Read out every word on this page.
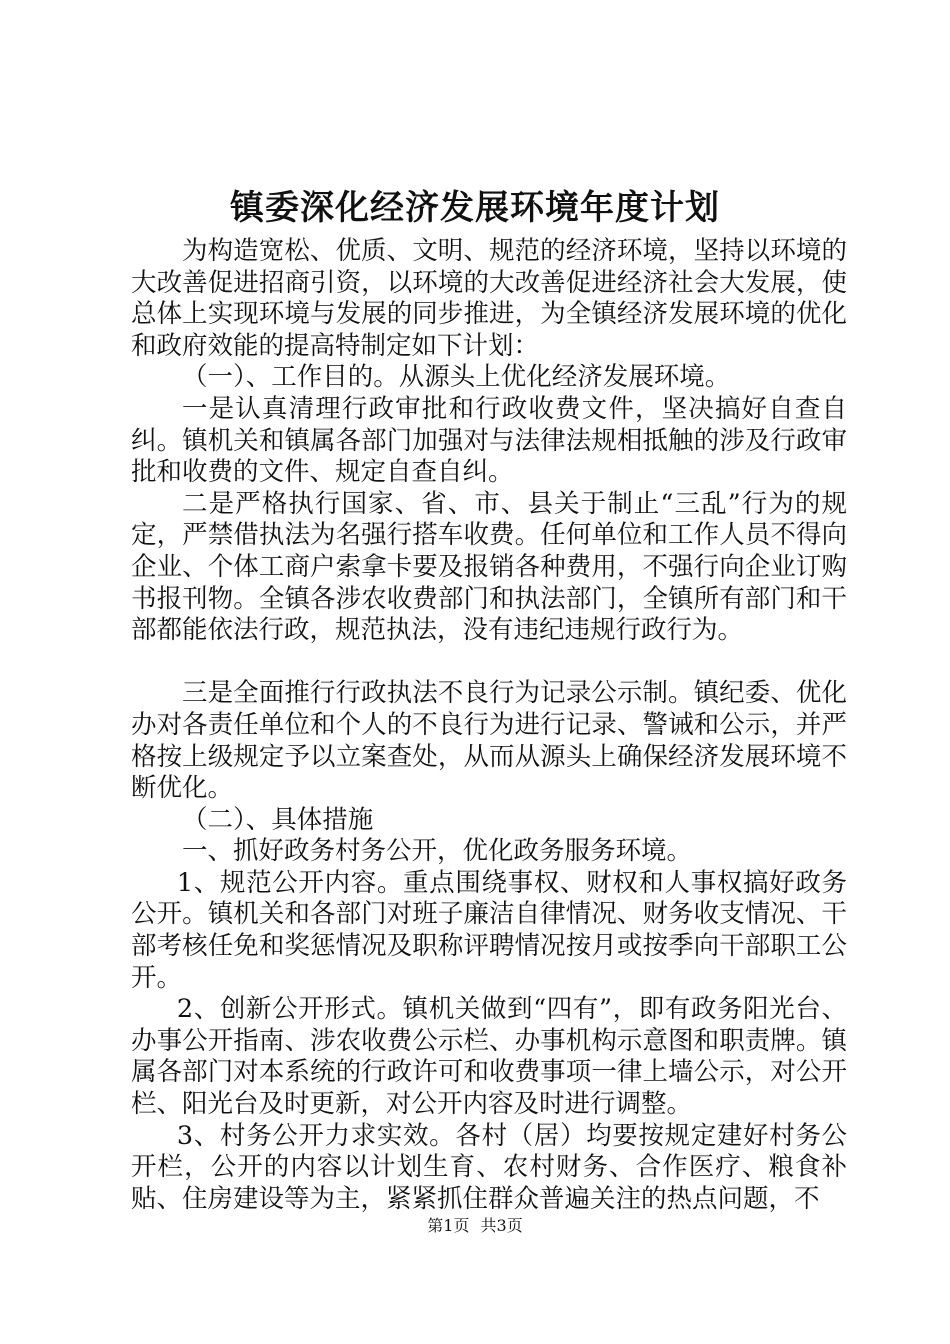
镇委深化经济发展环境年度计划

为构造宽松、优质、文明、规范的经济环境，坚持以环境的大改善促进招商引资，以环境的大改善促进经济社会大发展，使总体上实现环境与发展的同步推进，为全镇经济发展环境的优化和政府效能的提高特制定如下计划：

（一）、工作目的。从源头上优化经济发展环境。

一是认真清理行政审批和行政收费文件，坚决搞好自查自纠。镇机关和镇属各部门加强对与法律法规相抵触的涉及行政审批和收费的文件、规定自查自纠。

二是严格执行国家、省、市、县关于制止“三乱”行为的规定，严禁借执法为名强行搭车收费。任何单位和工作人员不得向企业、个体工商户索拿卡要及报销各种费用，不强行向企业订购书报刊物。全镇各涉农收费部门和执法部门，全镇所有部门和干部都能依法行政，规范执法，没有违纪违规行政行为。

三是全面推行行政执法不良行为记录公示制。镇纪委、优化办对各责任单位和个人的不良行为进行记录、警诫和公示，并严格按上级规定予以立案查处，从而从源头上确保经济发展环境不断优化。

（二）、具体措施

一、抓好政务村务公开，优化政务服务环境。

1、规范公开内容。重点围绕事权、财权和人事权搞好政务公开。镇机关和各部门对班子廉洁自律情况、财务收支情况、干部考核任免和奖惩情况及职称评聘情况按月或按季向干部职工公开。

2、创新公开形式。镇机关做到“四有”，即有政务阳光台、办事公开指南、涉农收费公示栏、办事机构示意图和职责牌。镇属各部门对本系统的行政许可和收费事项一律上墙公示，对公开栏、阳光台及时更新，对公开内容及时进行调整。

3、村务公开力求实效。各村（居）均要按规定建好村务公开栏，公开的内容以计划生育、农村财务、合作医疗、粮食补贴、住房建设等为主，紧紧抓住群众普遍关注的热点问题，不

第1页 共3页
